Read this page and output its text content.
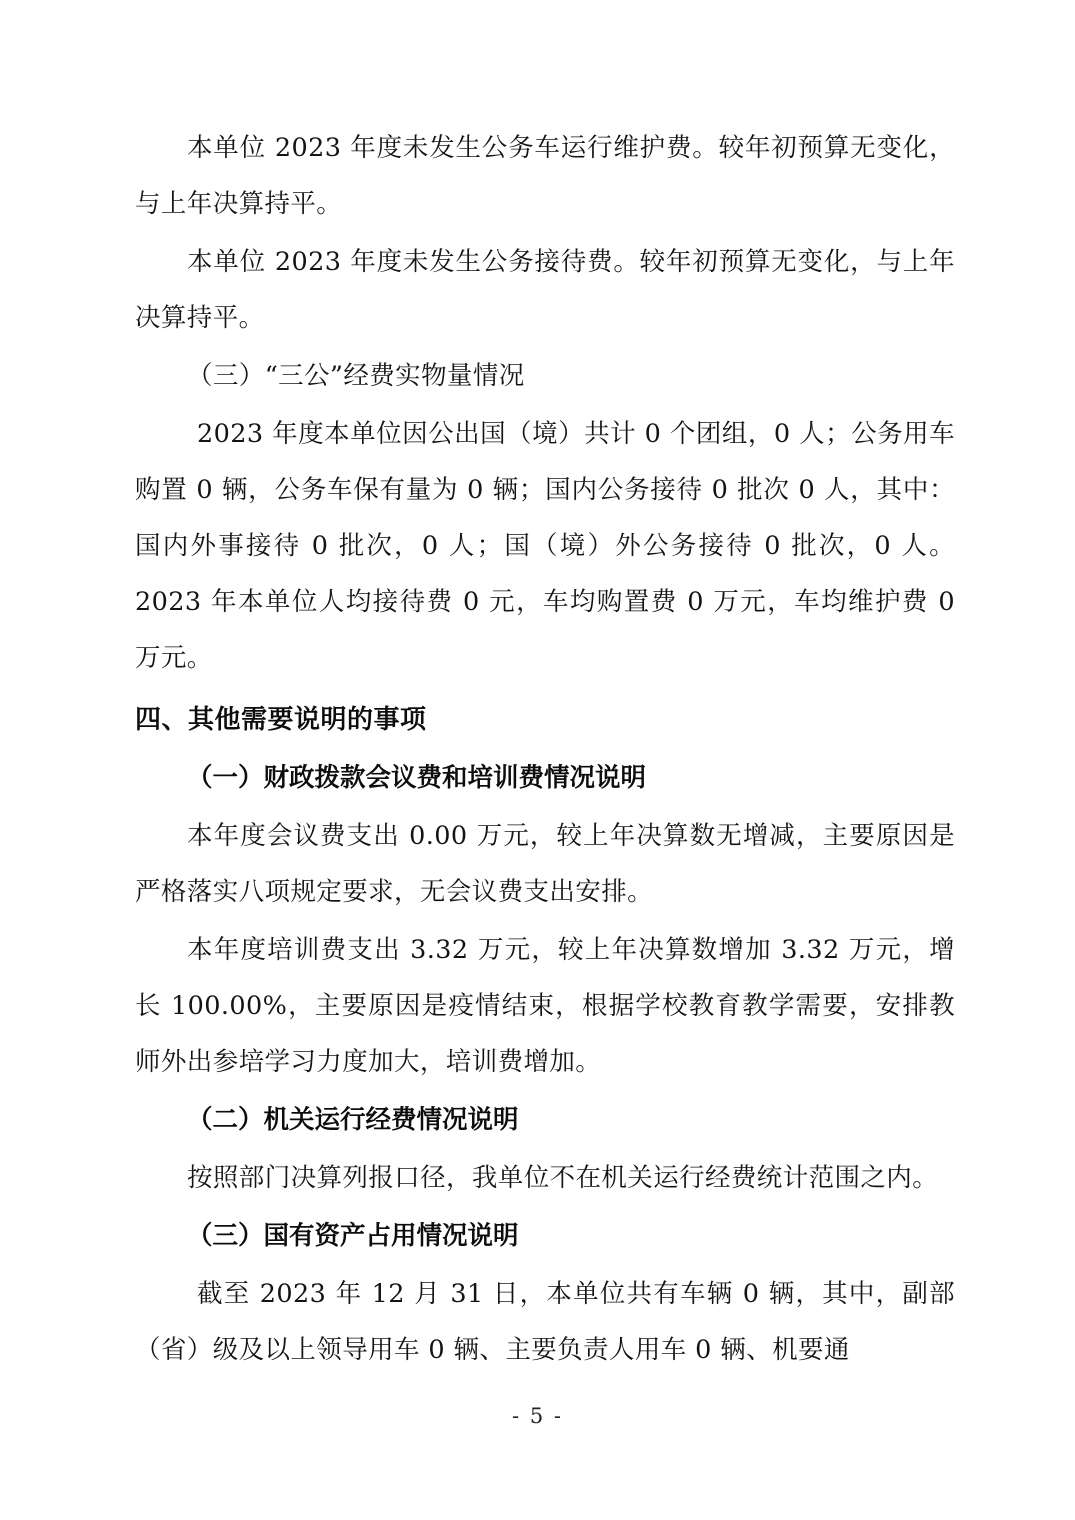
本单位 2023 年度未发生公务车运行维护费。较年初预算无变化，与上年决算持平。

本单位 2023 年度未发生公务接待费。较年初预算无变化，与上年决算持平。

（三）“三公”经费实物量情况

2023 年度本单位因公出国（境）共计 0 个团组，0 人；公务用车购置 0 辆，公务车保有量为 0 辆；国内公务接待 0 批次 0 人，其中：国内外事接待 0 批次，0 人；国（境）外公务接待 0 批次，0 人。2023 年本单位人均接待费 0 元，车均购置费 0 万元，车均维护费 0 万元。

四、其他需要说明的事项
（一）财政拨款会议费和培训费情况说明

本年度会议费支出 0.00 万元，较上年决算数无增减，主要原因是严格落实八项规定要求，无会议费支出安排。

本年度培训费支出 3.32 万元，较上年决算数增加 3.32 万元，增长 100.00%，主要原因是疫情结束，根据学校教育教学需要，安排教师外出参培学习力度加大，培训费增加。

（二）机关运行经费情况说明

按照部门决算列报口径，我单位不在机关运行经费统计范围之内。

（三）国有资产占用情况说明

截至 2023 年 12 月 31 日，本单位共有车辆 0 辆，其中，副部（省）级及以上领导用车 0 辆、主要负责人用车 0 辆、机要通

- 5 -
